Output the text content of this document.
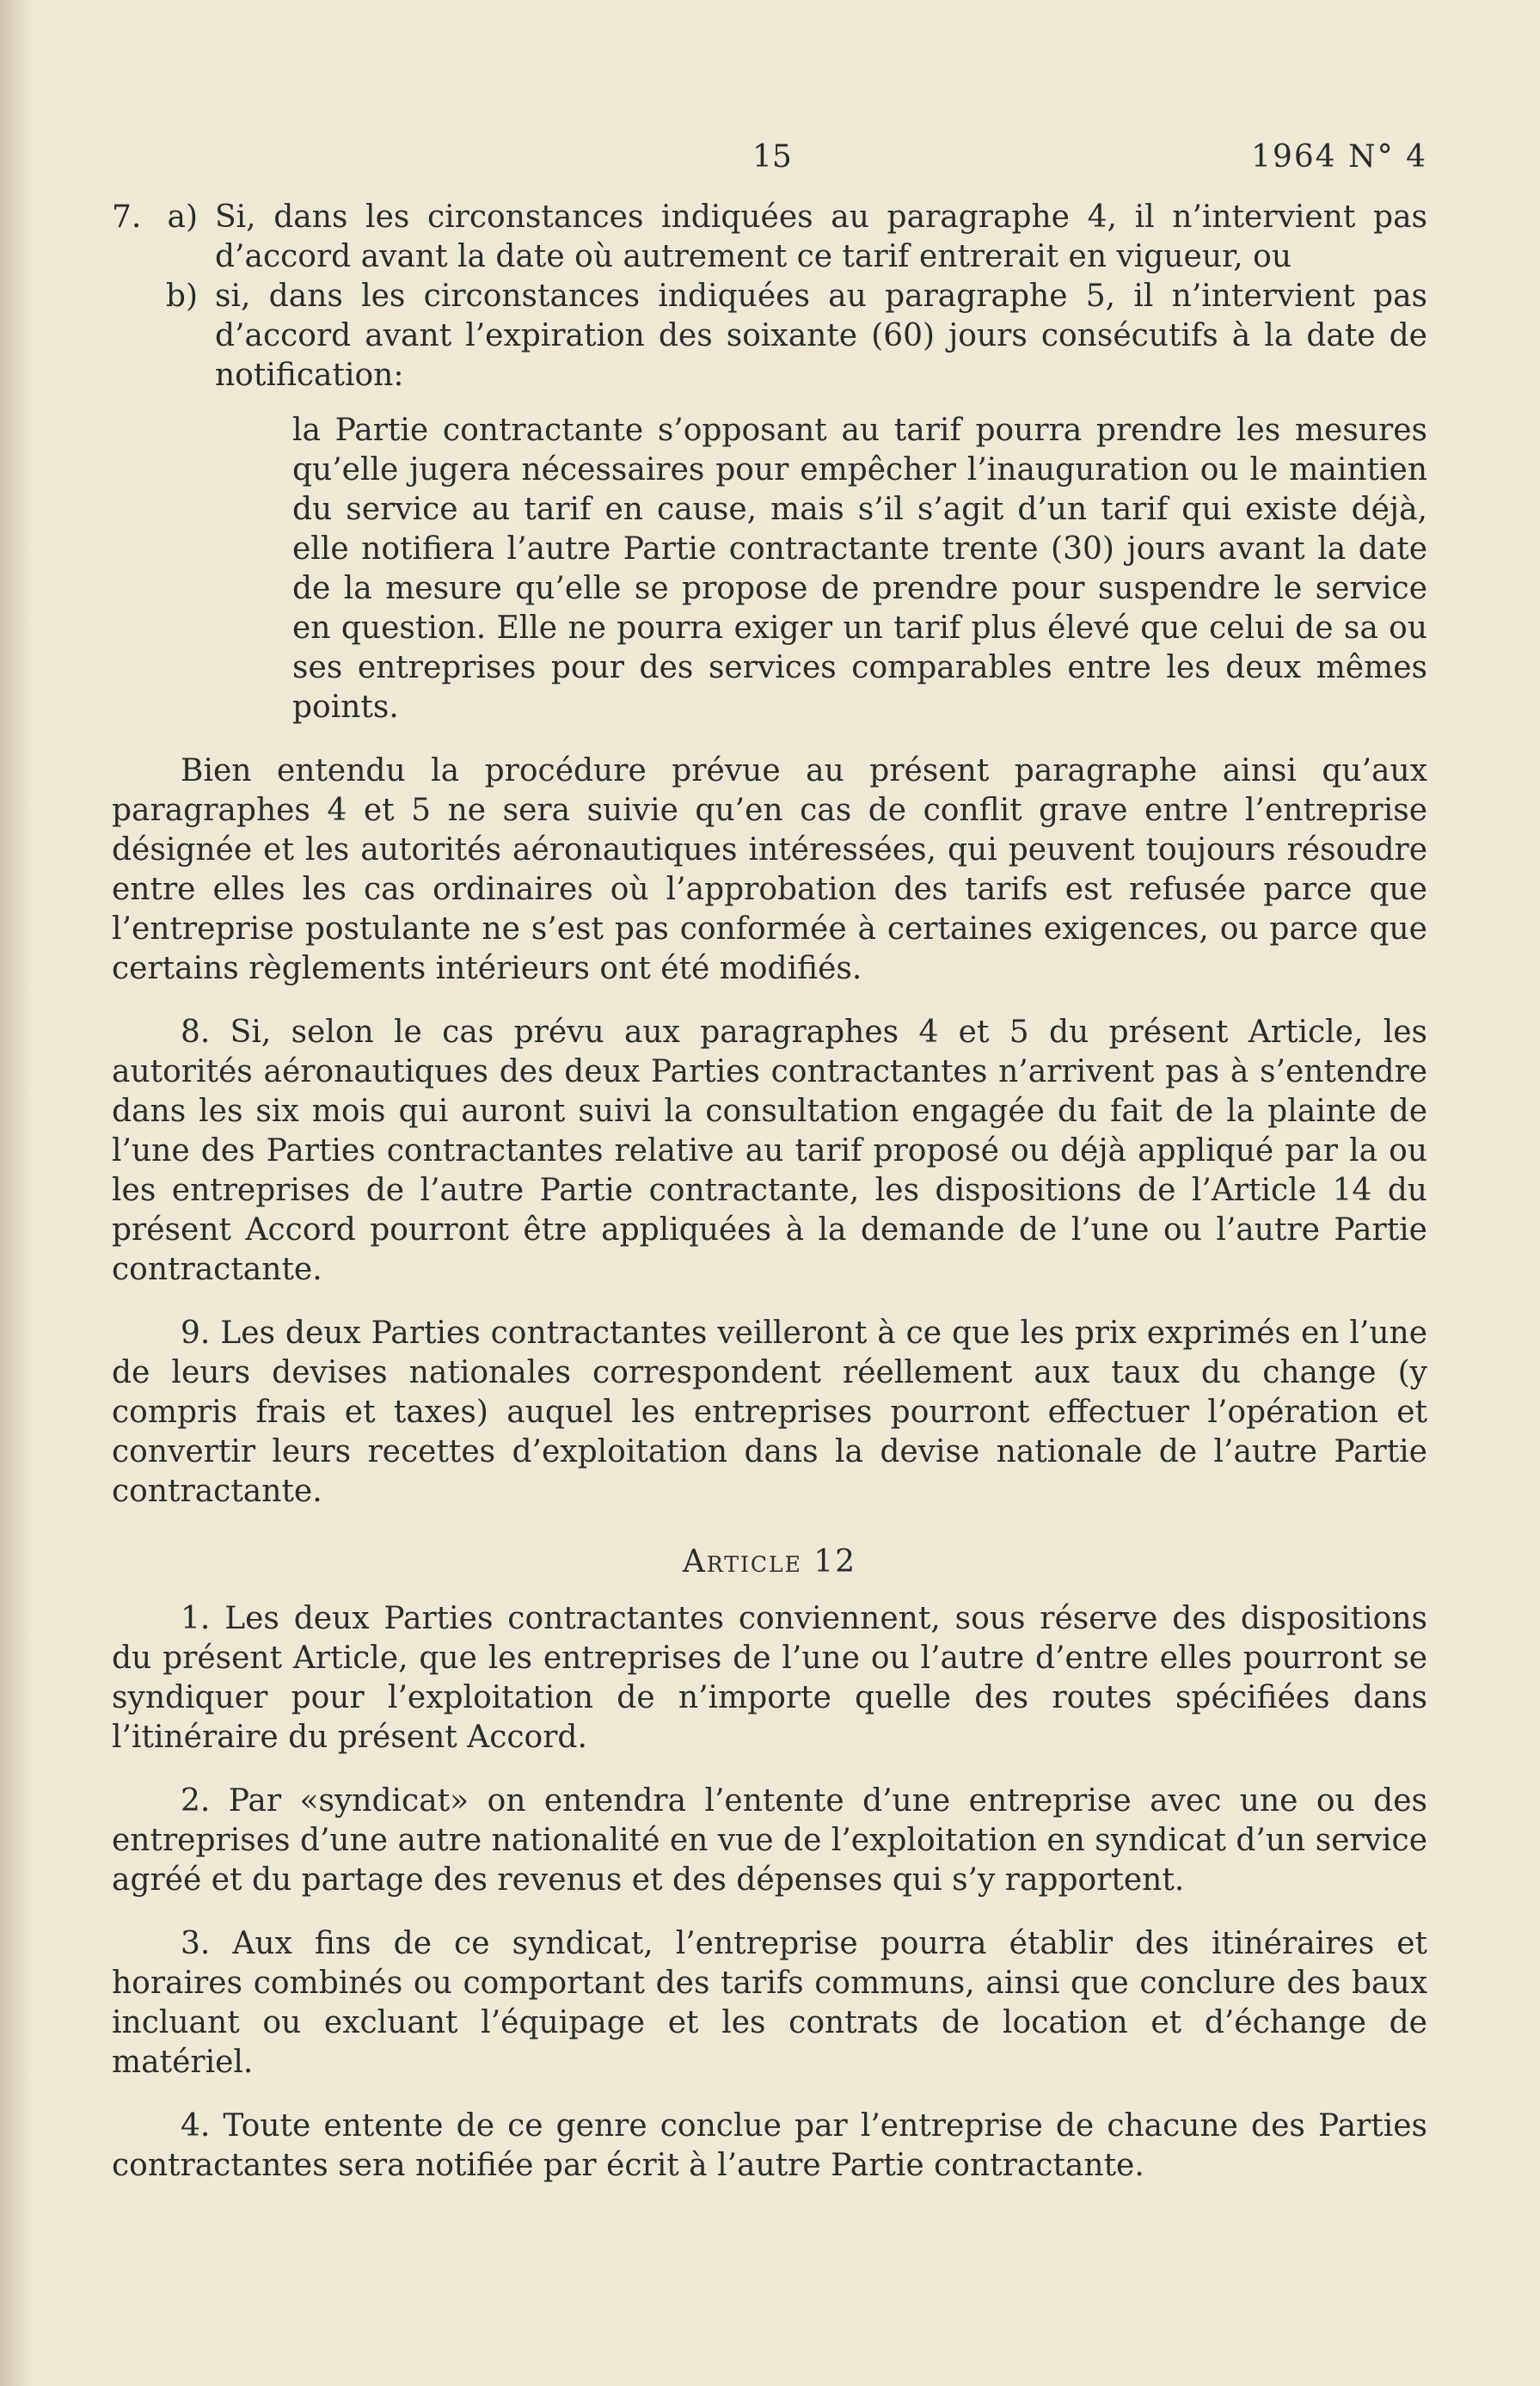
15	1964 N° 4
7. a) Si, dans les circonstances indiquées au paragraphe 4, il n’intervient pas d’accord avant la date où autrement ce tarif entrerait en vigueur, ou

b) si, dans les circonstances indiquées au paragraphe 5, il n’intervient pas d’accord avant l’expiration des soixante (60) jours consécutifs à la date de notification:

la Partie contractante s’opposant au tarif pourra prendre les mesures qu’elle jugera nécessaires pour empêcher l’inauguration ou le maintien du service au tarif en cause, mais s’il s’agit d’un tarif qui existe déjà, elle notifiera l’autre Partie contractante trente (30) jours avant la date de la mesure qu’elle se propose de prendre pour suspendre le service en question. Elle ne pourra exiger un tarif plus élevé que celui de sa ou ses entreprises pour des services comparables entre les deux mêmes points.

Bien entendu la procédure prévue au présent paragraphe ainsi qu’aux paragraphes 4 et 5 ne sera suivie qu’en cas de conflit grave entre l’entreprise désignée et les autorités aéronautiques intéressées, qui peuvent toujours résoudre entre elles les cas ordinaires où l’approbation des tarifs est refusée parce que l’entreprise postulante ne s’est pas conformée à certaines exigences, ou parce que certains règlements intérieurs ont été modifiés.

8. Si, selon le cas prévu aux paragraphes 4 et 5 du présent Article, les autorités aéronautiques des deux Parties contractantes n’arrivent pas à s’entendre dans les six mois qui auront suivi la consultation engagée du fait de la plainte de l’une des Parties contractantes relative au tarif proposé ou déjà appliqué par la ou les entreprises de l’autre Partie contractante, les dispositions de l’Article 14 du présent Accord pourront être appliquées à la demande de l’une ou l’autre Partie contractante.

9. Les deux Parties contractantes veilleront à ce que les prix exprimés en l’une de leurs devises nationales correspondent réellement aux taux du change (y compris frais et taxes) auquel les entreprises pourront effectuer l’opération et convertir leurs recettes d’exploitation dans la devise nationale de l’autre Partie contractante.

Article 12

1. Les deux Parties contractantes conviennent, sous réserve des dispositions du présent Article, que les entreprises de l’une ou l’autre d’entre elles pourront se syndiquer pour l’exploitation de n’importe quelle des routes spécifiées dans l’itinéraire du présent Accord.

2. Par «syndicat» on entendra l’entente d’une entreprise avec une ou des entreprises d’une autre nationalité en vue de l’exploitation en syndicat d’un service agréé et du partage des revenus et des dépenses qui s’y rapportent.

3. Aux fins de ce syndicat, l’entreprise pourra établir des itinéraires et horaires combinés ou comportant des tarifs communs, ainsi que conclure des baux incluant ou excluant l’équipage et les contrats de location et d’échange de matériel.

4. Toute entente de ce genre conclue par l’entreprise de chacune des Parties contractantes sera notifiée par écrit à l’autre Partie contractante.
